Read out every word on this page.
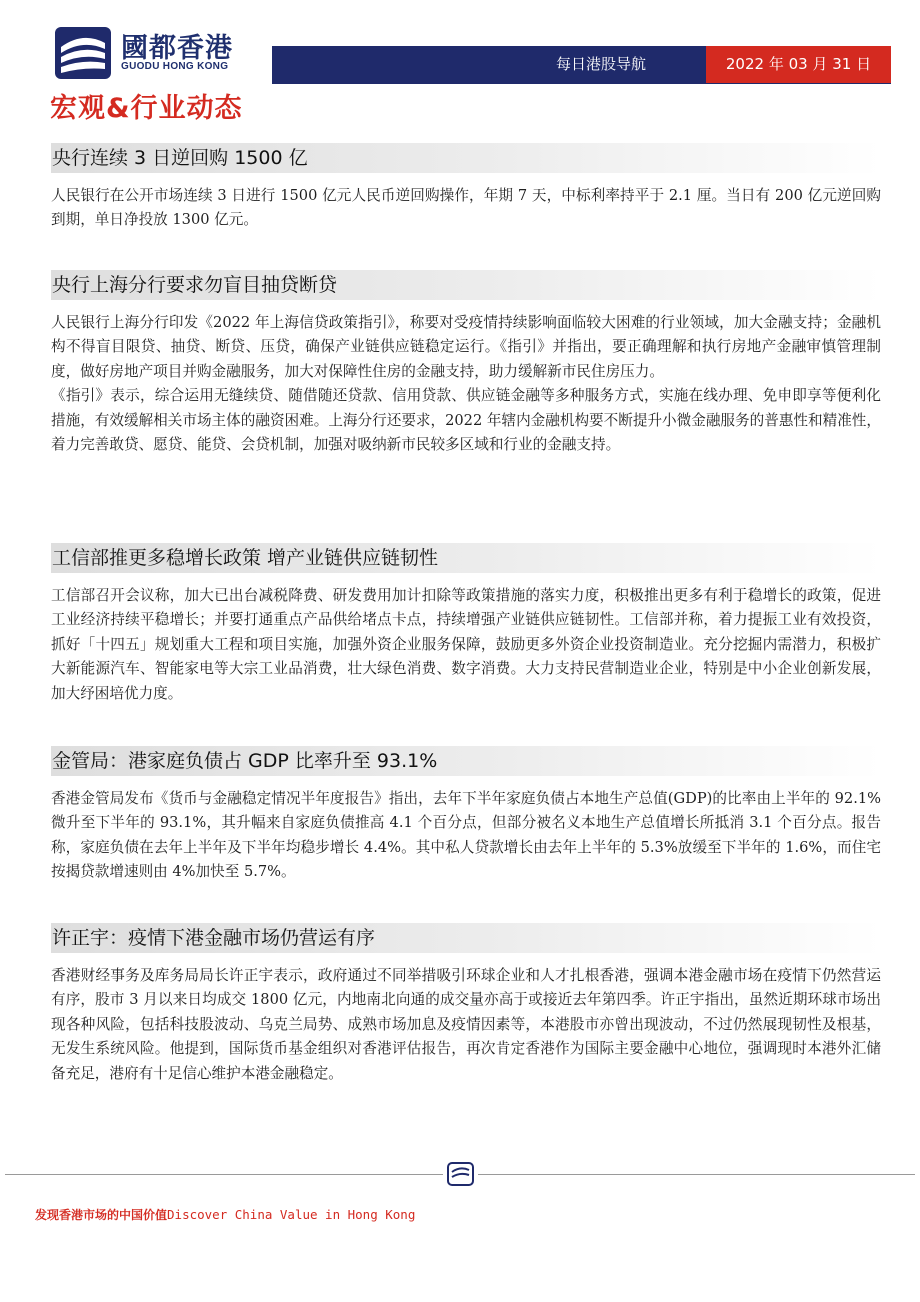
國都香港
GUODU HONG KONG	每日港股导航	2022 年 03 月 31 日
宏观&行业动态
央行连续 3 日逆回购 1500 亿

人民银行在公开市场连续 3 日进行 1500 亿元人民币逆回购操作，年期 7 天，中标利率持平于 2.1 厘。当日有 200 亿元逆回购到期，单日净投放 1300 亿元。

央行上海分行要求勿盲目抽贷断贷

人民银行上海分行印发《2022 年上海信贷政策指引》，称要对受疫情持续影响面临较大困难的行业领域，加大金融支持；金融机构不得盲目限贷、抽贷、断贷、压贷，确保产业链供应链稳定运行。《指引》并指出，要正确理解和执行房地产金融审慎管理制度，做好房地产项目并购金融服务，加大对保障性住房的金融支持，助力缓解新市民住房压力。

《指引》表示，综合运用无缝续贷、随借随还贷款、信用贷款、供应链金融等多种服务方式，实施在线办理、免申即享等便利化措施，有效缓解相关市场主体的融资困难。上海分行还要求，2022 年辖内金融机构要不断提升小微金融服务的普惠性和精准性，着力完善敢贷、愿贷、能贷、会贷机制，加强对吸纳新市民较多区域和行业的金融支持。

工信部推更多稳增长政策 增产业链供应链韧性

工信部召开会议称，加大已出台减税降费、研发费用加计扣除等政策措施的落实力度，积极推出更多有利于稳增长的政策，促进工业经济持续平稳增长；并要打通重点产品供给堵点卡点，持续增强产业链供应链韧性。工信部并称，着力提振工业有效投资，抓好「十四五」规划重大工程和项目实施，加强外资企业服务保障，鼓励更多外资企业投资制造业。充分挖掘内需潜力，积极扩大新能源汽车、智能家电等大宗工业品消费，壮大绿色消费、数字消费。大力支持民营制造业企业，特别是中小企业创新发展，加大纾困培优力度。

金管局：港家庭负债占 GDP 比率升至 93.1%

香港金管局发布《货币与金融稳定情况半年度报告》指出，去年下半年家庭负债占本地生产总值(GDP)的比率由上半年的 92.1%微升至下半年的 93.1%，其升幅来自家庭负债推高 4.1 个百分点，但部分被名义本地生产总值增长所抵消 3.1 个百分点。报告称，家庭负债在去年上半年及下半年均稳步增长 4.4%。其中私人贷款增长由去年上半年的 5.3%放缓至下半年的 1.6%，而住宅按揭贷款增速则由 4%加快至 5.7%。

许正宇：疫情下港金融市场仍营运有序

香港财经事务及库务局局长许正宇表示，政府通过不同举措吸引环球企业和人才扎根香港，强调本港金融市场在疫情下仍然营运有序，股市 3 月以来日均成交 1800 亿元，内地南北向通的成交量亦高于或接近去年第四季。许正宇指出，虽然近期环球市场出现各种风险，包括科技股波动、乌克兰局势、成熟市场加息及疫情因素等，本港股市亦曾出现波动，不过仍然展现韧性及根基，无发生系统风险。他提到，国际货币基金组织对香港评估报告，再次肯定香港作为国际主要金融中心地位，强调现时本港外汇储备充足，港府有十足信心维护本港金融稳定。

发现香港市场的中国价值Discover China Value in Hong Kong
